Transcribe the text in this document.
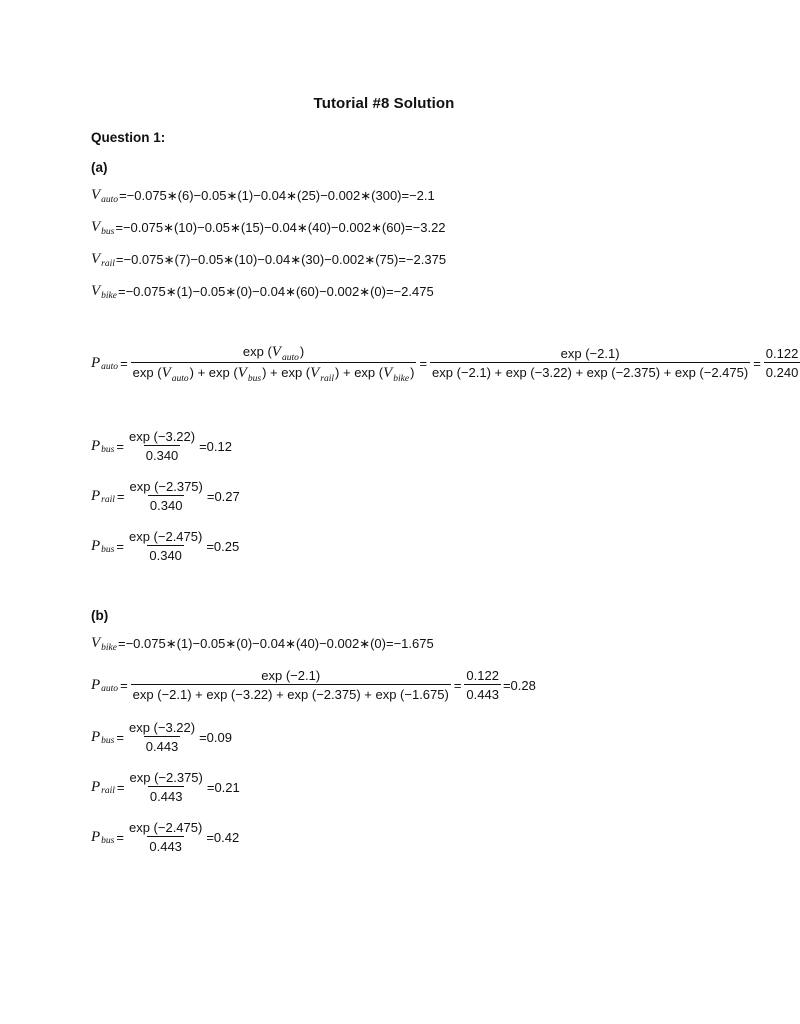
Tutorial #8 Solution
Question 1:
(a)
V auto =−0.075∗(6)−0.05∗(1)−0.04∗(25)−0.002∗(300)=−2.1
V bus =−0.075∗(10)−0.05∗(15)−0.04∗(40)−0.002∗(60)=−3.22
V rail =−0.075∗(7)−0.05∗(10)−0.04∗(30)−0.002∗(75)=−2.375
V bike =−0.075∗(1)−0.05∗(0)−0.04∗(60)−0.002∗(0)=−2.475
P auto = $\frac{\exp (V_{auto})}{\exp (V_{auto}) + \exp (V_{bus}) + \exp (V_{rail}) + \exp (V_{bike})} = \frac{\exp (-2.1)}{\exp (-2.1) + \exp (-3.22) + \exp (-2.375) + \exp (-2.475)} = \frac{0.122}{0.240}$
P bus = $\frac{\exp (-3.22)}{0.340} =0.12$
P rail = $\frac{\exp (-2.375)}{0.340} =0.27$
P bus = $\frac{\exp (-2.475)}{0.340} =0.25$
(b)
V bike =−0.075∗(1)−0.05∗(0)−0.04∗(40)−0.002∗(0)=−1.675
P auto = $\frac{\exp (-2.1)}{\exp (-2.1) + \exp (-3.22) + \exp (-2.375) + \exp (-1.675)} = \frac{0.122}{0.443} =0.28$
P bus = $\frac{\exp (-3.22)}{0.443} =0.09$
P rail = $\frac{\exp (-2.375)}{0.443} =0.21$
P bus = $\frac{\exp (-2.475)}{0.443} =0.42$
